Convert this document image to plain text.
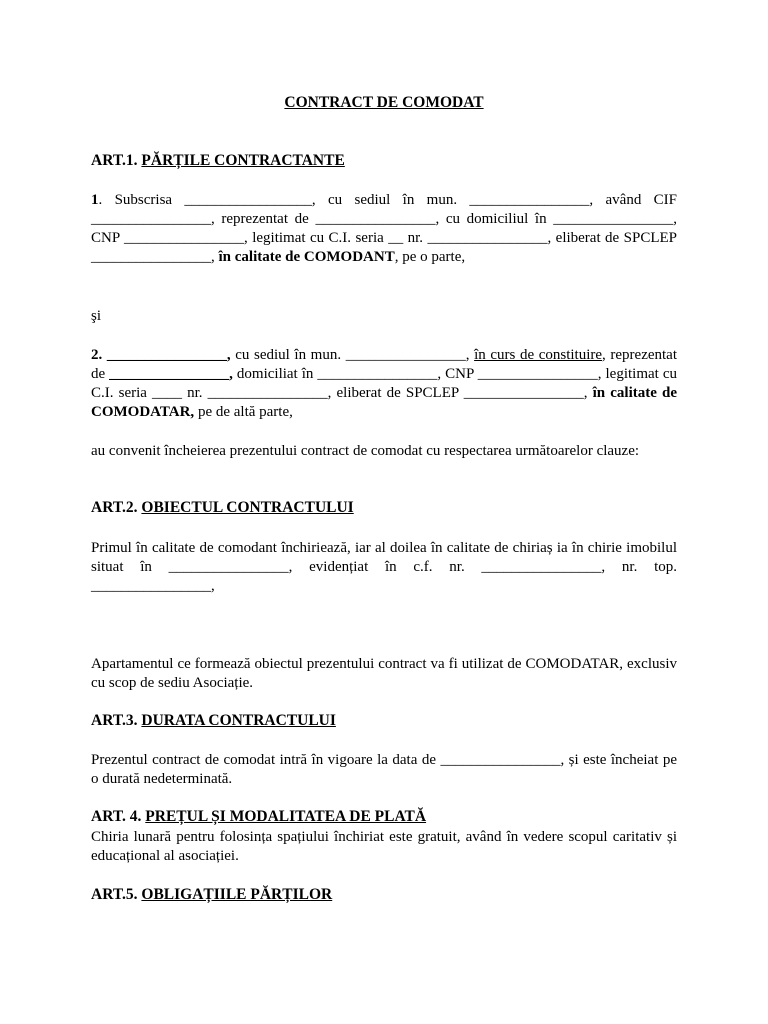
CONTRACT DE COMODAT
ART.1. PĂRȚILE CONTRACTANTE
1. Subscrisa _________________, cu sediul în mun. ________________, având CIF ________________, reprezentat de ________________, cu domiciliul în ________________, CNP ________________, legitimat cu C.I. seria __ nr. ________________, eliberat de SPCLEP ________________, în calitate de COMODANT, pe o parte,
şi
2. ________________, cu sediul în mun. ________________, în curs de constituire, reprezentat de ________________, domiciliat în ________________, CNP ________________, legitimat cu C.I. seria ____ nr. ________________, eliberat de SPCLEP ________________, în calitate de COMODATAR, pe de altă parte,
au convenit încheierea prezentului contract de comodat cu respectarea următoarelor clauze:
ART.2. OBIECTUL CONTRACTULUI
Primul în calitate de comodant închiriează, iar al doilea în calitate de chiriaș ia în chirie imobilul situat în ________________, evidențiat în c.f. nr. ________________, nr. top. ________________,
Apartamentul ce formează obiectul prezentului contract va fi utilizat de COMODATAR, exclusiv cu scop de sediu Asociație.
ART.3. DURATA CONTRACTULUI
Prezentul contract de comodat intră în vigoare la data de ________________, și este încheiat pe o durată nedeterminată.
ART. 4. PREȚUL ȘI MODALITATEA DE PLATĂ
Chiria lunară pentru folosința spațiului închiriat este gratuit, având în vedere scopul caritativ și educațional al asociației.
ART.5. OBLIGAȚIILE PĂRȚILOR
